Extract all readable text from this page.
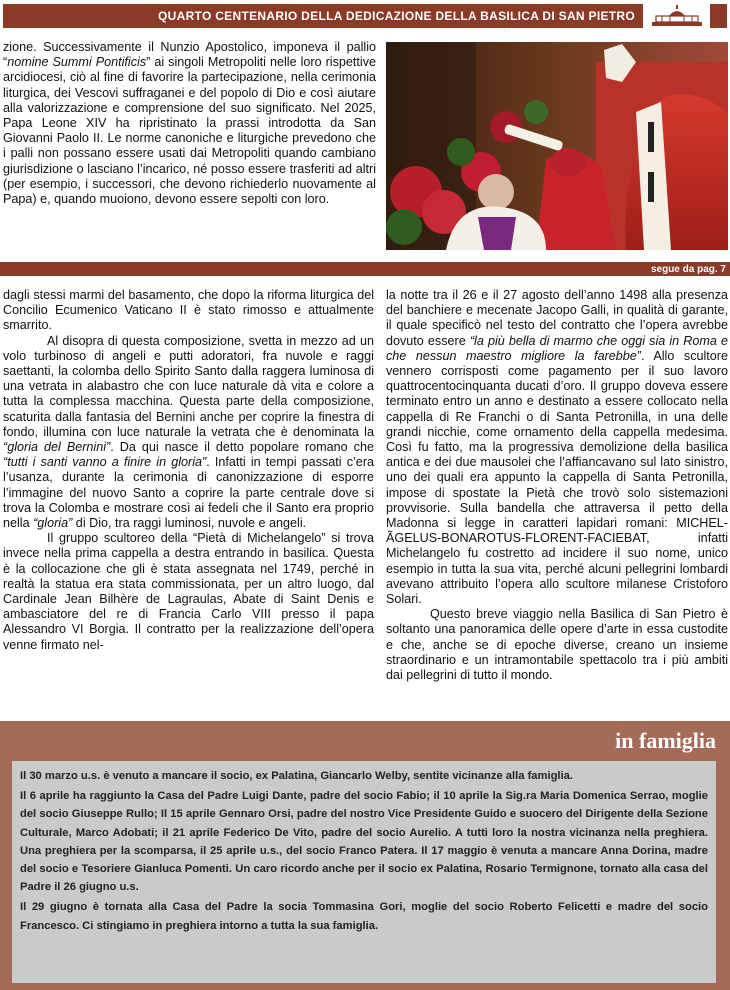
QUARTO CENTENARIO DELLA DEDICAZIONE DELLA BASILICA DI SAN PIETRO
zione. Successivamente il Nunzio Apostolico, imponeva il pallio “nomine Summi Pontificis” ai singoli Metropoliti nelle loro rispettive arcidiocesi, ciò al fine di favorire la partecipazione, nella cerimonia liturgica, dei Vescovi suffraganei e del popolo di Dio e così aiutare alla valorizzazione e comprensione del suo significato. Nel 2025, Papa Leone XIV ha ripristinato la prassi introdotta da San Giovanni Paolo II. Le norme canoniche e liturgiche prevedono che i palli non possano essere usati dai Metropoliti quando cambiano giurisdizione o lasciano l’incarico, né posso essere trasferiti ad altri (per esempio, i successori, che devono richiederlo nuovamente al Papa) e, quando muoiono, devono essere sepolti con loro.
segue da pag. 7

dagli stessi marmi del basamento, che dopo la riforma liturgica del Concilio Ecumenico Vaticano II è stato rimosso e attualmente smarrito.

Al disopra di questa composizione, svetta in mezzo ad un volo turbinoso di angeli e putti adoratori, fra nuvole e raggi saettanti, la colomba dello Spirito Santo dalla raggera luminosa di una vetrata in alabastro che con luce naturale dà vita e colore a tutta la complessa macchina. Questa parte della composizione, scaturita dalla fantasia del Bernini anche per coprire la finestra di fondo, illumina con luce naturale la vetrata che è denominata la “gloria del Bernini”. Da qui nasce il detto popolare romano che “tutti i santi vanno a finire in gloria”. Infatti in tempi passati c’era l’usanza, durante la cerimonia di canonizzazione di esporre l’immagine del nuovo Santo a coprire la parte centrale dove si trova la Colomba e mostrare così ai fedeli che il Santo era proprio nella “gloria” di Dio, tra raggi luminosi, nuvole e angeli.

Il gruppo scultoreo della “Pietà di Michelangelo” si trova invece nella prima cappella a destra entrando in basilica. Questa è la collocazione che gli è stata assegnata nel 1749, perché in realtà la statua era stata commissionata, per un altro luogo, dal Cardinale Jean Bilhère de Lagraulas, Abate di Saint Denis e ambasciatore del re di Francia Carlo VIII presso il papa Alessandro VI Borgia. Il contratto per la realizzazione dell’opera venne firmato nel-

la notte tra il 26 e il 27 agosto dell’anno 1498 alla presenza del banchiere e mecenate Jacopo Galli, in qualità di garante, il quale specificò nel testo del contratto che l’opera avrebbe dovuto essere “la più bella di marmo che oggi sia in Roma e che nessun maestro migliore la farebbe”. Allo scultore vennero corrisposti come pagamento per il suo lavoro quattrocentocinquanta ducati d’oro. Il gruppo doveva essere terminato entro un anno e destinato a essere collocato nella cappella di Re Franchi o di Santa Petronilla, in una delle grandi nicchie, come ornamento della cappella medesima. Così fu fatto, ma la progressiva demolizione della basilica antica e dei due mausolei che l’affiancavano sul lato sinistro, uno dei quali era appunto la cappella di Santa Petronilla, impose di spostate la Pietà che trovò solo sistemazioni provvisorie. Sulla bandella che attraversa il petto della Madonna si legge in caratteri lapidari romani: MICHEL-ÃGELUS-BONAROTUS-FLORENT-FACIEBAT, infatti Michelangelo fu costretto ad incidere il suo nome, unico esempio in tutta la sua vita, perché alcuni pellegrini lombardi avevano attribuito l’opera allo scultore milanese Cristoforo Solari.

Questo breve viaggio nella Basilica di San Pietro è soltanto una panoramica delle opere d’arte in essa custodite e che, anche se di epoche diverse, creano un insieme straordinario e un intramontabile spettacolo tra i più ambiti dai pellegrini di tutto il mondo.

in famiglia

Il 30 marzo u.s. è venuto a mancare il socio, ex Palatina, Giancarlo Welby, sentite vicinanze alla famiglia.

Il 6 aprile ha raggiunto la Casa del Padre Luigi Dante, padre del socio Fabio; il 10 aprile la Sig.ra Maria Domenica Serrao, moglie del socio Giuseppe Rullo; Il 15 aprile Gennaro Orsi, padre del nostro Vice Presidente Guido e suocero del Dirigente della Sezione Culturale, Marco Adobati; il 21 aprile Federico De Vito, padre del socio Aurelio. A tutti loro la nostra vicinanza nella preghiera. Una preghiera per la scomparsa, il 25 aprile u.s., del socio Franco Patera. Il 17 maggio è venuta a mancare Anna Dorina, madre del socio e Tesoriere Gianluca Pomenti. Un caro ricordo anche per il socio ex Palatina, Rosario Termignone, tornato alla casa del Padre il 26 giugno u.s.

Il 29 giugno è tornata alla Casa del Padre la socia Tommasina Gori, moglie del socio Roberto Felicetti e madre del socio Francesco. Ci stingiamo in preghiera intorno a tutta la sua famiglia.
